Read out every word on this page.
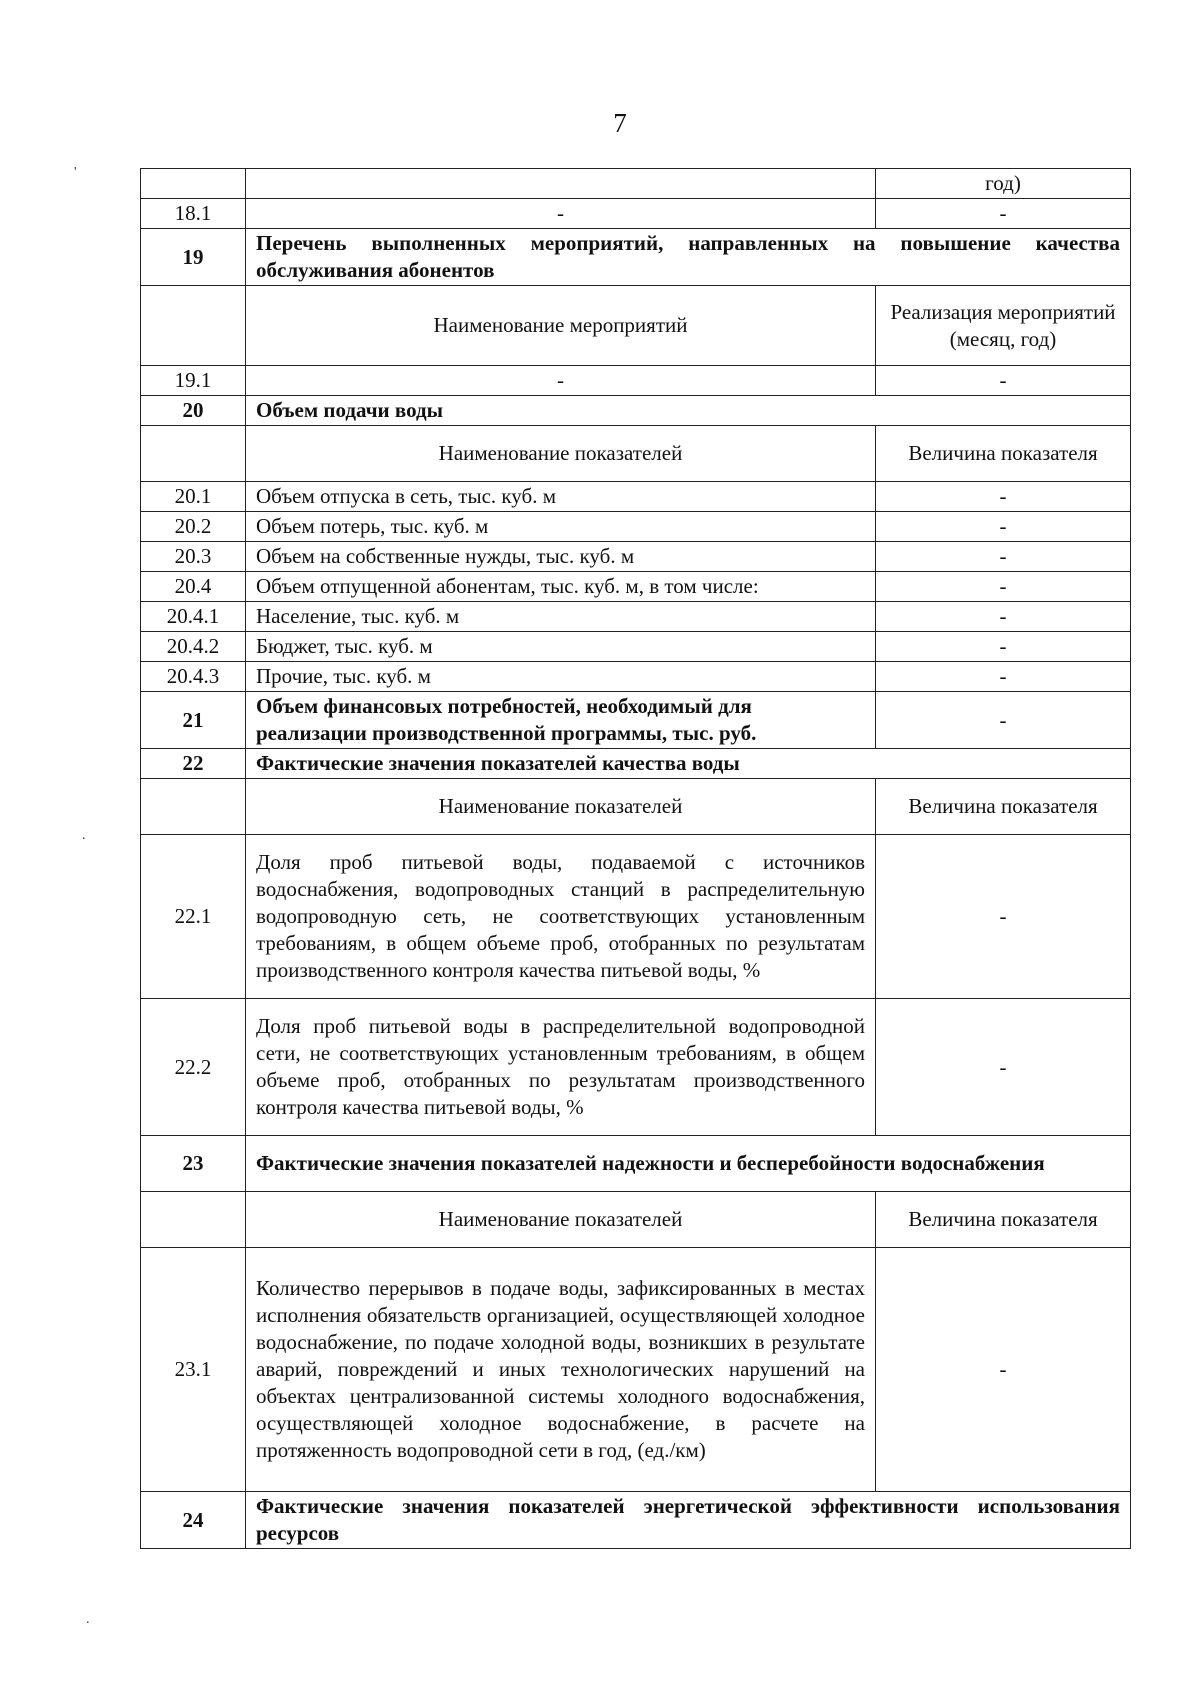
7
'
.
.
		год)
18.1	-	-
19	Перечень выполненных мероприятий, направленных на повышение качества обслуживания абонентов	
	Наименование мероприятий	Реализация мероприятий (месяц, год)
19.1	-	-
20	Объем подачи воды	
	Наименование показателей	Величина показателя
20.1	Объем отпуска в сеть, тыс. куб. м	-
20.2	Объем потерь, тыс. куб. м	-
20.3	Объем на собственные нужды, тыс. куб. м	-
20.4	Объем отпущенной абонентам, тыс. куб. м, в том числе:	-
20.4.1	Население, тыс. куб. м	-
20.4.2	Бюджет, тыс. куб. м	-
20.4.3	Прочие, тыс. куб. м	-
21	Объем финансовых потребностей, необходимый для реализации производственной программы, тыс. руб.	-
22	Фактические значения показателей качества воды	
	Наименование показателей	Величина показателя
22.1	Доля проб питьевой воды, подаваемой с источников водоснабжения, водопроводных станций в распределительную водопроводную сеть, не соответствующих установленным требованиям, в общем объеме проб, отобранных по результатам производственного контроля качества питьевой воды, %	-
22.2	Доля проб питьевой воды в распределительной водопроводной сети, не соответствующих установленным требованиям, в общем объеме проб, отобранных по результатам производственного контроля качества питьевой воды, %	-
23	Фактические значения показателей надежности и бесперебойности водоснабжения	
	Наименование показателей	Величина показателя
23.1	Количество перерывов в подаче воды, зафиксированных в местах исполнения обязательств организацией, осуществляющей холодное водоснабжение, по подаче холодной воды, возникших в результате аварий, повреждений и иных технологических нарушений на объектах централизованной системы холодного водоснабжения, осуществляющей холодное водоснабжение, в расчете на протяженность водопроводной сети в год, (ед./км)	-
24	Фактические значения показателей энергетической эффективности использования ресурсов	
